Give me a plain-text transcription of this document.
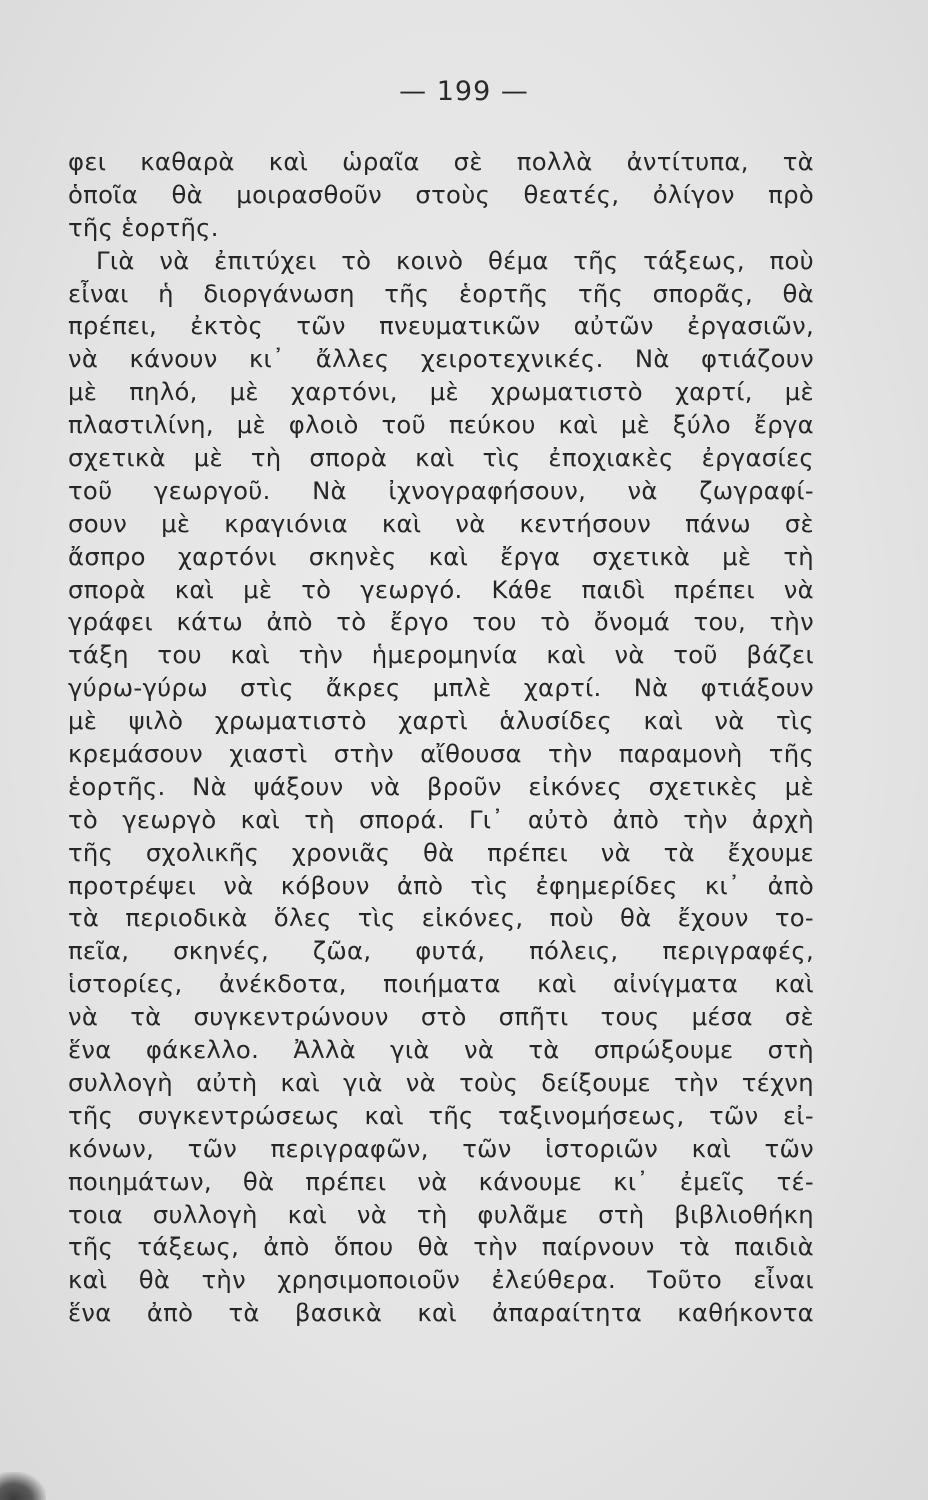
— 199 —
φει καθαρὰ καὶ ὡραῖα σὲ πολλὰ ἀντίτυπα, τὰ
ὁποῖα θὰ μοιρασθοῦν στοὺς θεατές, ὀλίγον πρὸ
τῆς ἑορτῆς.
Γιὰ νὰ ἐπιτύχει τὸ κοινὸ θέμα τῆς τάξεως, ποὺ
εἶναι ἡ διοργάνωση τῆς ἑορτῆς τῆς σπορᾶς, θὰ
πρέπει, ἐκτὸς τῶν πνευματικῶν αὐτῶν ἐργασιῶν,
νὰ κάνουν κι᾿ ἄλλες χειροτεχνικές. Νὰ φτιάζουν
μὲ πηλό, μὲ χαρτόνι, μὲ χρωματιστὸ χαρτί, μὲ
πλαστιλίνη, μὲ φλοιὸ τοῦ πεύκου καὶ μὲ ξύλο ἔργα
σχετικὰ μὲ τὴ σπορὰ καὶ τὶς ἐποχιακὲς ἐργασίες
τοῦ γεωργοῦ. Νὰ ἰχνογραφήσουν, νὰ ζωγραφί-
σουν μὲ κραγιόνια καὶ νὰ κεντήσουν πάνω σὲ
ἄσπρο χαρτόνι σκηνὲς καὶ ἔργα σχετικὰ μὲ τὴ
σπορὰ καὶ μὲ τὸ γεωργό. Κάθε παιδὶ πρέπει νὰ
γράφει κάτω ἀπὸ τὸ ἔργο του τὸ ὄνομά του, τὴν
τάξη του καὶ τὴν ἡμερομηνία καὶ νὰ τοῦ βάζει
γύρω-γύρω στὶς ἄκρες μπλὲ χαρτί. Νὰ φτιάξουν
μὲ ψιλὸ χρωματιστὸ χαρτὶ ἁλυσίδες καὶ νὰ τὶς
κρεμάσουν χιαστὶ στὴν αἴθουσα τὴν παραμονὴ τῆς
ἑορτῆς. Νὰ ψάξουν νὰ βροῦν εἰκόνες σχετικὲς μὲ
τὸ γεωργὸ καὶ τὴ σπορά. Γι᾿ αὐτὸ ἀπὸ τὴν ἀρχὴ
τῆς σχολικῆς χρονιᾶς θὰ πρέπει νὰ τὰ ἔχουμε
προτρέψει νὰ κόβουν ἀπὸ τὶς ἐφημερίδες κι᾿ ἀπὸ
τὰ περιοδικὰ ὅλες τὶς εἰκόνες, ποὺ θὰ ἔχουν το-
πεῖα, σκηνές, ζῶα, φυτά, πόλεις, περιγραφές,
ἱστορίες, ἀνέκδοτα, ποιήματα καὶ αἰνίγματα καὶ
νὰ τὰ συγκεντρώνουν στὸ σπῆτι τους μέσα σὲ
ἕνα φάκελλο. Ἀλλὰ γιὰ νὰ τὰ σπρώξουμε στὴ
συλλογὴ αὐτὴ καὶ γιὰ νὰ τοὺς δείξουμε τὴν τέχνη
τῆς συγκεντρώσεως καὶ τῆς ταξινομήσεως, τῶν εἰ-
κόνων, τῶν περιγραφῶν, τῶν ἱστοριῶν καὶ τῶν
ποιημάτων, θὰ πρέπει νὰ κάνουμε κι᾿ ἐμεῖς τέ-
τοια συλλογὴ καὶ νὰ τὴ φυλᾶμε στὴ βιβλιοθήκη
τῆς τάξεως, ἀπὸ ὅπου θὰ τὴν παίρνουν τὰ παιδιὰ
καὶ θὰ τὴν χρησιμοποιοῦν ἐλεύθερα. Τοῦτο εἶναι
ἕνα ἀπὸ τὰ βασικὰ καὶ ἀπαραίτητα καθήκοντα
